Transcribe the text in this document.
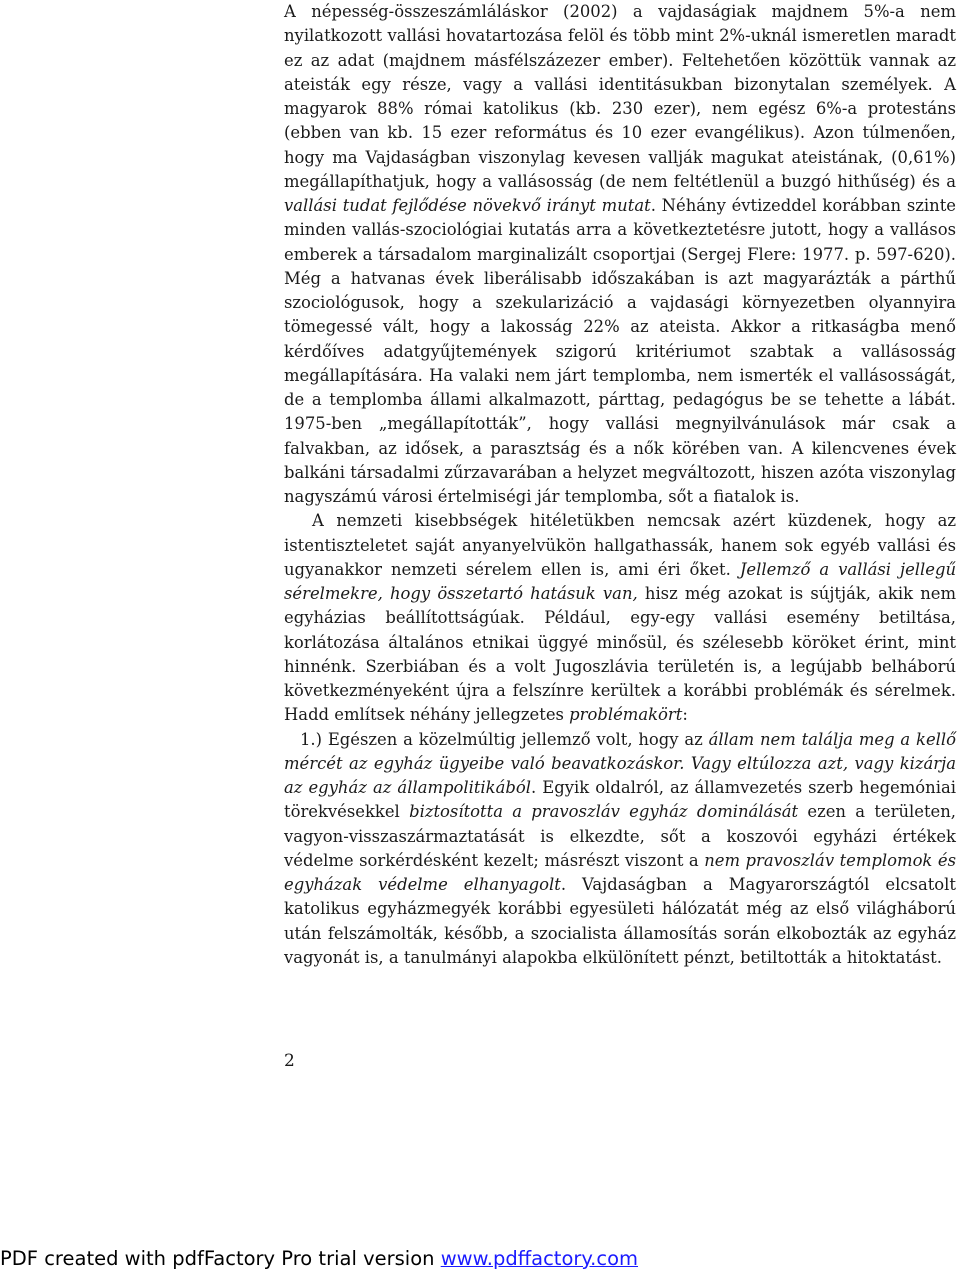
A népesség-összeszámláláskor (2002) a vajdaságiak majdnem 5%-a nem nyilatkozott vallási hovatartozása felöl és több mint 2%-uknál ismeretlen maradt ez az adat (majdnem másfélszázezer ember). Feltehetően közöttük vannak az ateisták egy része, vagy a vallási identitásukban bizonytalan személyek. A magyarok 88% római katolikus (kb. 230 ezer), nem egész 6%-a protestáns (ebben van kb. 15 ezer református és 10 ezer evangélikus). Azon túlmenően, hogy ma Vajdaságban viszonylag kevesen vallják magukat ateistának, (0,61%) megállapíthatjuk, hogy a vallásosság (de nem feltétlenül a buzgó hithűség) és a vallási tudat fejlődése növekvő irányt mutat. Néhány évtizeddel korábban szinte minden vallás-szociológiai kutatás arra a következtetésre jutott, hogy a vallásos emberek a társadalom marginalizált csoportjai (Sergej Flere: 1977. p. 597-620). Még a hatvanas évek liberálisabb időszakában is azt magyarázták a párthű szociológusok, hogy a szekularizáció a vajdasági környezetben olyannyira tömegessé vált, hogy a lakosság 22% az ateista. Akkor a ritkaságba menő kérdőíves adatgyűjtemények szigorú kritériumot szabtak a vallásosság megállapítására. Ha valaki nem járt templomba, nem ismerték el vallásosságát, de a templomba állami alkalmazott, párttag, pedagógus be se tehette a lábát. 1975-ben „megállapították”, hogy vallási megnyilvánulások már csak a falvakban, az idősek, a parasztság és a nők körében van. A kilencvenes évek balkáni társadalmi zűrzavarában a helyzet megváltozott, hiszen azóta viszonylag nagyszámú városi értelmiségi jár templomba, sőt a fiatalok is.

A nemzeti kisebbségek hitéletükben nemcsak azért küzdenek, hogy az istentiszteletet saját anyanyelvükön hallgathassák, hanem sok egyéb vallási és ugyanakkor nemzeti sérelem ellen is, ami éri őket. Jellemző a vallási jellegű sérelmekre, hogy összetartó hatásuk van, hisz még azokat is sújtják, akik nem egyházias beállítottságúak. Például, egy-egy vallási esemény betiltása, korlátozása általános etnikai üggyé minősül, és szélesebb köröket érint, mint hinnénk. Szerbiában és a volt Jugoszlávia területén is, a legújabb belháború következményeként újra a felszínre kerültek a korábbi problémák és sérelmek. Hadd említsek néhány jellegzetes problémakört:

1.) Egészen a közelmúltig jellemző volt, hogy az állam nem találja meg a kellő mércét az egyház ügyeibe való beavatkozáskor. Vagy eltúlozza azt, vagy kizárja az egyház az állampolitikából. Egyik oldalról, az államvezetés szerb hegemóniai törekvésekkel biztosította a pravoszláv egyház dominálását ezen a területen, vagyon-visszaszármaztatását is elkezdte, sőt a koszovói egyházi értékek védelme sorkérdésként kezelt; másrészt viszont a nem pravoszláv templomok és egyházak védelme elhanyagolt. Vajdaságban a Magyarországtól elcsatolt katolikus egyházmegyék korábbi egyesületi hálózatát még az első világháború után felszámolták, később, a szocialista államosítás során elkobozták az egyház vagyonát is, a tanulmányi alapokba elkülönített pénzt, betiltották a hitoktatást.

2
PDF created with pdfFactory Pro trial version www.pdffactory.com
